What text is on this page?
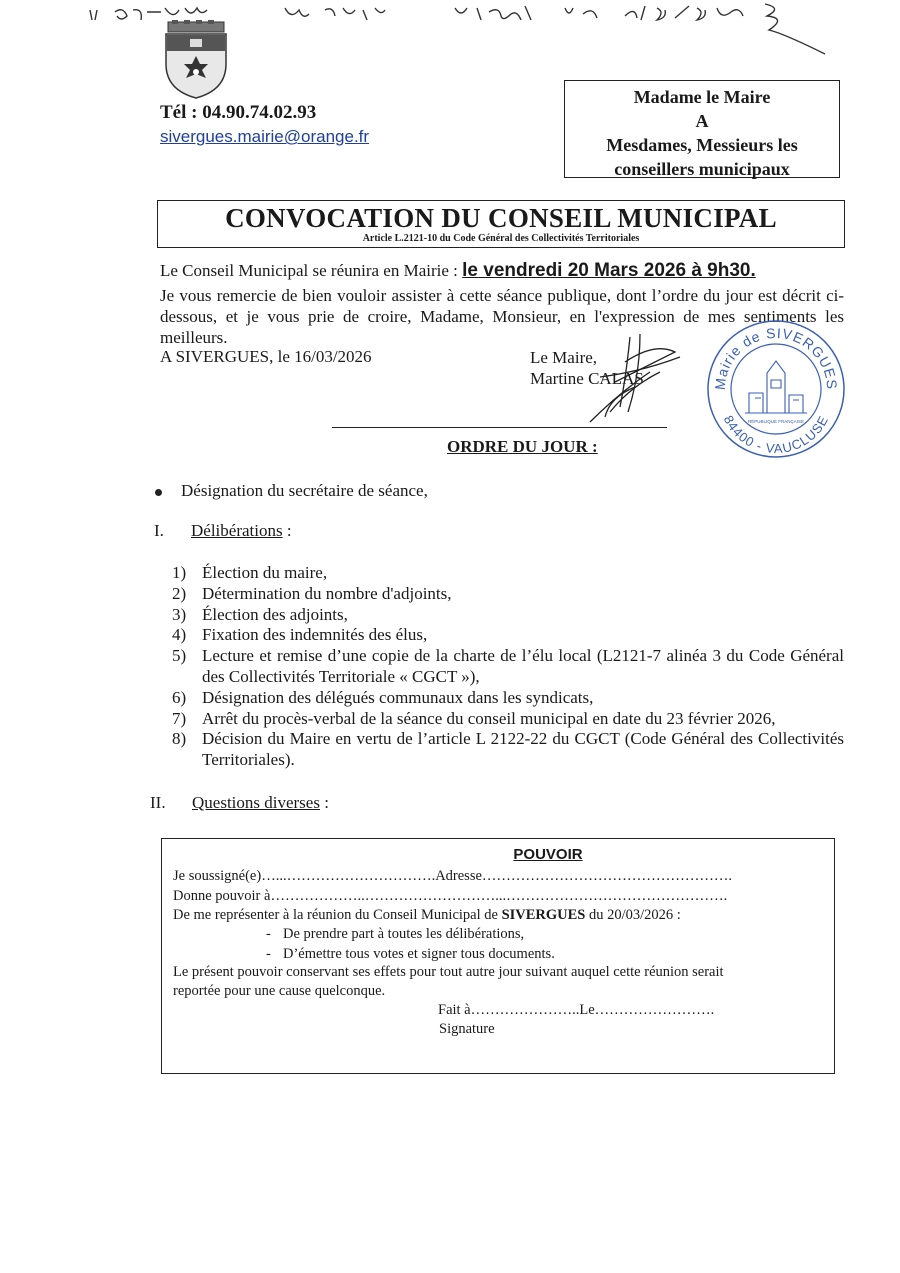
N 2026-001 affiché en Mairie le 16/03/2026
Tél : 04.90.74.02.93
sivergues.mairie@orange.fr
Madame le Maire
A
Mesdames, Messieurs les
conseillers municipaux
CONVOCATION DU CONSEIL MUNICIPAL
Article L.2121-10 du Code Général des Collectivités Territoriales
Le Conseil Municipal se réunira en Mairie : le vendredi 20 Mars 2026 à 9h30.
Je vous remercie de bien vouloir assister à cette séance publique, dont l’ordre du jour est décrit ci-dessous, et je vous prie de croire, Madame, Monsieur, en l'expression de mes sentiments les meilleurs.
A SIVERGUES, le 16/03/2026	Le Maire,
Martine CALAS	Mairie de SIVERGUES
84400 - VAUCLUSE
RÉPUBLIQUE FRANÇAISE
ORDRE DU JOUR :
Désignation du secrétaire de séance,
I. Délibérations :
1) Élection du maire,
2) Détermination du nombre d'adjoints,
3) Élection des adjoints,
4) Fixation des indemnités des élus,
5) Lecture et remise d’une copie de la charte de l’élu local (L2121-7 alinéa 3 du Code Général des Collectivités Territoriale « CGCT »),
6) Désignation des délégués communaux dans les syndicats,
7) Arrêt du procès-verbal de la séance du conseil municipal en date du 23 février 2026,
8) Décision du Maire en vertu de l’article L 2122-22 du CGCT (Code Général des Collectivités Territoriales).
II. Questions diverses :
POUVOIR
Je soussigné(e)…...………………………….Adresse…………………………………………….
Donne pouvoir à………………..………………………...……………………………………….
De me représenter à la réunion du Conseil Municipal de SIVERGUES du 20/03/2026 :
- De prendre part à toutes les délibérations,
- D’émettre tous votes et signer tous documents.
Le présent pouvoir conservant ses effets pour tout autre jour suivant auquel cette réunion serait
reportée pour une cause quelconque.
Fait à…………………..Le…………………….
Signature
